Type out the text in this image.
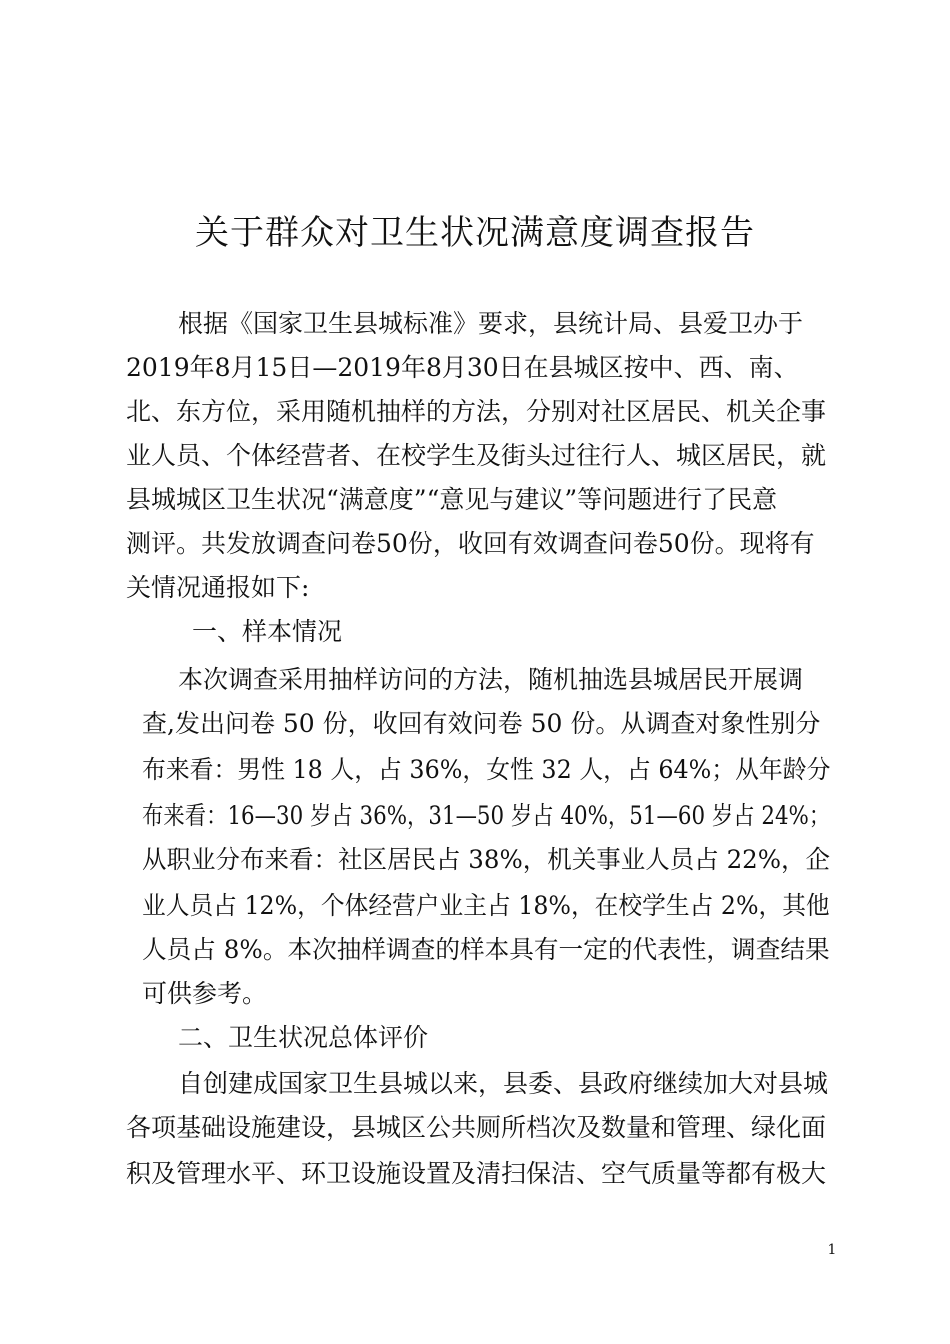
关于群众对卫生状况满意度调查报告

根据《国家卫生县城标准》要求，县统计局、县爱卫办于

2019年8月15日—2019年8月30日在县城区按中、西、南、

北、东方位，采用随机抽样的方法，分别对社区居民、机关企事

业人员、个体经营者、在校学生及街头过往行人、城区居民，就

县城城区卫生状况“满意度”“意见与建议”等问题进行了民意

测评。共发放调查问卷50份，收回有效调查问卷50份。现将有

关情况通报如下:

一、样本情况

本次调查采用抽样访问的方法，随机抽选县城居民开展调

查,发出问卷 50 份，收回有效问卷 50 份。从调查对象性别分

布来看：男性 18 人，占 36%，女性 32 人，占 64%；从年龄分

布来看：16—30 岁占 36%，31—50 岁占 40%，51—60 岁占 24%；

从职业分布来看：社区居民占 38%，机关事业人员占 22%，企

业人员占 12%，个体经营户业主占 18%，在校学生占 2%，其他

人员占 8%。本次抽样调查的样本具有一定的代表性，调查结果

可供参考。

二、卫生状况总体评价

自创建成国家卫生县城以来，县委、县政府继续加大对县城

各项基础设施建设，县城区公共厕所档次及数量和管理、绿化面

积及管理水平、环卫设施设置及清扫保洁、空气质量等都有极大

1
